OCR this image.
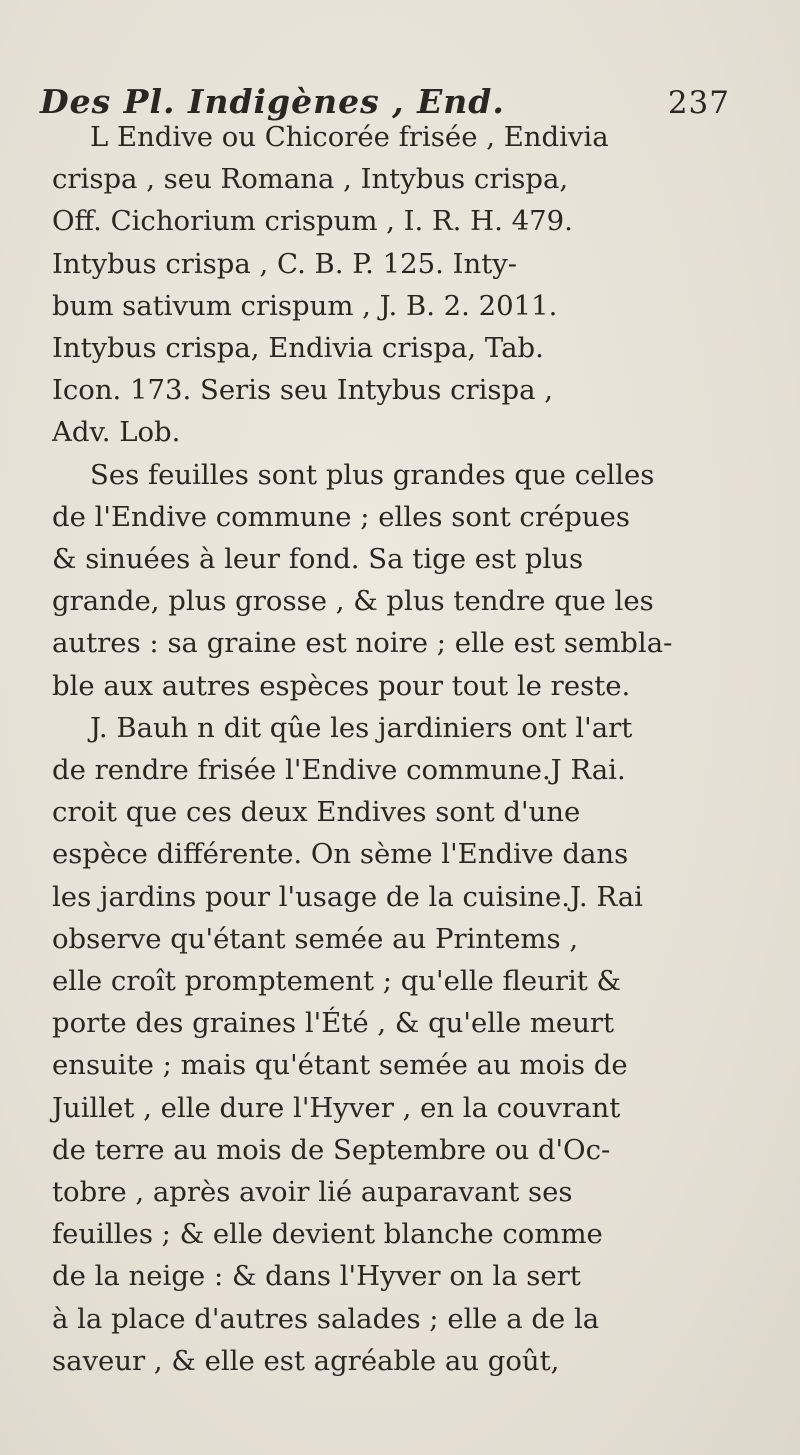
Des Pl. Indigènes , End.	237
L Endive ou Chicorée frisée , Endivia
crispa , seu Romana , Intybus crispa,
Off. Cichorium crispum , I. R. H. 479.
Intybus crispa , C. B. P. 125. Inty-
bum sativum crispum , J. B. 2. 2011.
Intybus crispa, Endivia crispa, Tab.
Icon. 173. Seris seu Intybus crispa ,
Adv. Lob.
Ses feuilles sont plus grandes que celles
de l'Endive commune ; elles sont crépues
& sinuées à leur fond. Sa tige est plus
grande, plus grosse , & plus tendre que les
autres : sa graine est noire ; elle est sembla-
ble aux autres espèces pour tout le reste.
J. Bauh n dit qûe les jardiniers ont l'art
de rendre frisée l'Endive commune.J Rai.
croit que ces deux Endives sont d'une
espèce différente. On sème l'Endive dans
les jardins pour l'usage de la cuisine.J. Rai
observe qu'étant semée au Printems ,
elle croît promptement ; qu'elle fleurit &
porte des graines l'Été , & qu'elle meurt
ensuite ; mais qu'étant semée au mois de
Juillet , elle dure l'Hyver , en la couvrant
de terre au mois de Septembre ou d'Oc-
tobre , après avoir lié auparavant ses
feuilles ; & elle devient blanche comme
de la neige : & dans l'Hyver on la sert
à la place d'autres salades ; elle a de la
saveur , & elle est agréable au goût,
